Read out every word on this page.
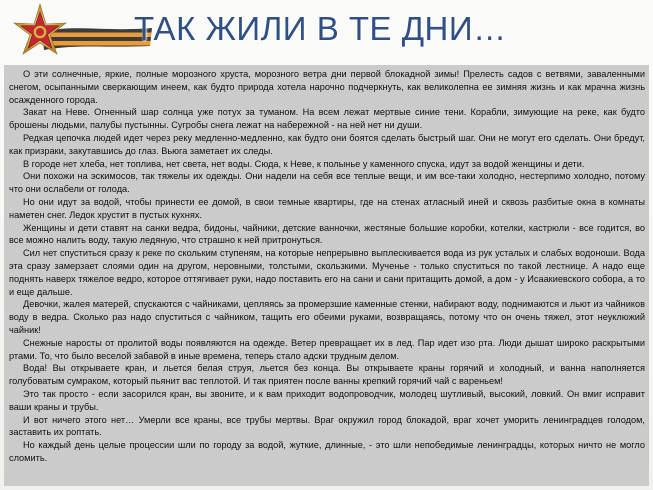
ТАК ЖИЛИ В ТЕ ДНИ…

О эти солнечные, яркие, полные морозного хруста, морозного ветра дни первой блокадной зимы! Прелесть садов с ветвями, заваленными снегом, осыпанными сверкающим инеем, как будто природа хотела нарочно подчеркнуть, как великолепна ее зимняя жизнь и как мрачна жизнь осажденного города.

Закат на Неве. Огненный шар солнца уже потух за туманом. На всем лежат мертвые синие тени. Корабли, зимующие на реке, как будто брошены людьми, палубы пустынны. Сугробы снега лежат на набережной - на ней нет ни души.

Редкая цепочка людей идет через реку медленно-медленно, как будто они боятся сделать быстрый шаг. Они не могут его сделать. Они бредут, как призраки, закутавшись до глаз. Вьюга заметает их следы.

В городе нет хлеба, нет топлива, нет света, нет воды. Сюда, к Неве, к полынье у каменного спуска, идут за водой женщины и дети.

Они похожи на эскимосов, так тяжелы их одежды. Они надели на себя все теплые вещи, и им все-таки холодно, нестерпимо холодно, потому что они ослабели от голода.

Но они идут за водой, чтобы принести ее домой, в свои темные квартиры, где на стенах атласный иней и сквозь разбитые окна в комнаты наметен снег. Ледок хрустит в пустых кухнях.

Женщины и дети ставят на санки ведра, бидоны, чайники, детские ванночки, жестяные большие коробки, котелки, кастрюли - все годится, во все можно налить воду, такую ледяную, что страшно к ней притронуться.

Сил нет спуститься сразу к реке по скольким ступеням, на которые непрерывно выплескивается вода из рук усталых и слабых водоноши. Вода эта сразу замерзает слоями один на другом, неровными, толстыми, скользкими. Мученье - только спуститься по такой лестнице. А надо еще поднять наверх тяжелое ведро, которое оттягивает руки, надо поставить его на сани и сани притащить домой, а дом - у Исаакиевского собора, а то и еще дальше.

Девочки, жалея матерей, спускаются с чайниками, цепляясь за промерзшие каменные стенки, набирают воду, поднимаются и льют из чайников воду в ведра. Сколько раз надо спуститься с чайником, тащить его обеими руками, возвращаясь, потому что он очень тяжел, этот неуклюжий чайник!

Снежные наросты от пролитой воды появляются на одежде. Ветер превращает их в лед. Пар идет изо рта. Люди дышат широко раскрытыми ртами. То, что было веселой забавой в иные времена, теперь стало адски трудным делом.

Вода! Вы открываете кран, и льется белая струя, льется без конца. Вы открываете краны горячий и холодный, и ванна наполняется голубоватым сумраком, который пьянит вас теплотой. И так приятен после ванны крепкий горячий чай с вареньем!

Это так просто - если засорился кран, вы звоните, и к вам приходит водопроводчик, молодец шутливый, высокий, ловкий. Он вмиг исправит ваши краны и трубы.

И вот ничего этого нет… Умерли все краны, все трубы мертвы. Враг окружил город блокадой, враг хочет уморить ленинградцев голодом, заставить их роптать.

Но каждый день целые процессии шли по городу за водой, жуткие, длинные, - это шли непобедимые ленинградцы, которых ничто не могло сломить.
